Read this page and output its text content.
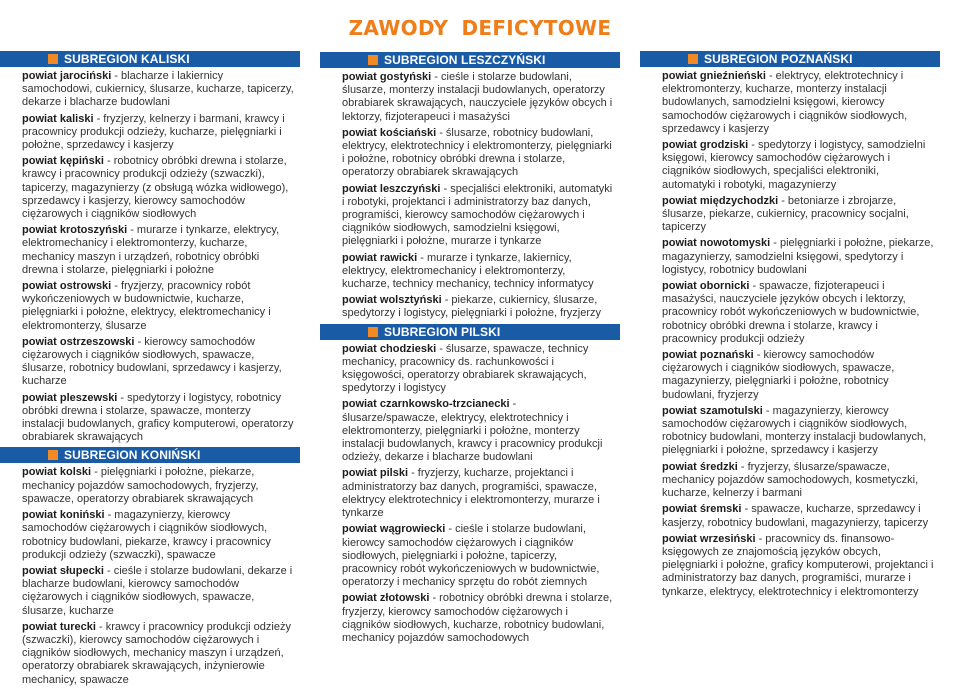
ZAWODY DEFICYTOWE
SUBREGION KALISKI
powiat jarociński - blacharze i lakiernicy samochodowi, cukiernicy, ślusarze, kucharze, tapicerzy, dekarze i blacharze budowlani
powiat kaliski - fryzjerzy, kelnerzy i barmani, krawcy i pracownicy produkcji odzieży, kucharze, pielęgniarki i położne, sprzedawcy i kasjerzy
powiat kępiński - robotnicy obróbki drewna i stolarze, krawcy i pracownicy produkcji odzieży (szwaczki), tapicerzy, magazynierzy (z obsługą wózka widłowego), sprzedawcy i kasjerzy, kierowcy samochodów ciężarowych i ciągników siodłowych
powiat krotoszyński - murarze i tynkarze, elektrycy, elektromechanicy i elektromonterzy, kucharze, mechanicy maszyn i urządzeń, robotnicy obróbki drewna i stolarze, pielęgniarki i położne
powiat ostrowski - fryzjerzy, pracownicy robót wykończeniowych w budownictwie, kucharze, pielęgniarki i położne, elektrycy, elektromechanicy i elektromonterzy, ślusarze
powiat ostrzeszowski - kierowcy samochodów ciężarowych i ciągników siodłowych, spawacze, ślusarze, robotnicy budowlani, sprzedawcy i kasjerzy, kucharze
powiat pleszewski - spedytorzy i logistycy, robotnicy obróbki drewna i stolarze, spawacze, monterzy instalacji budowlanych, graficy komputerowi, operatorzy obrabiarek skrawających
SUBREGION KONIŃSKI
powiat kolski - pielęgniarki i położne, piekarze, mechanicy pojazdów samochodowych, fryzjerzy, spawacze, operatorzy obrabiarek skrawających
powiat koniński - magazynierzy, kierowcy samochodów ciężarowych i ciągników siodłowych, robotnicy budowlani, piekarze, krawcy i pracownicy produkcji odzieży (szwaczki), spawacze
powiat słupecki - cieśle i stolarze budowlani, dekarze i blacharze budowlani, kierowcy samochodów ciężarowych i ciągników siodłowych, spawacze, ślusarze, kucharze
powiat turecki - krawcy i pracownicy produkcji odzieży (szwaczki), kierowcy samochodów ciężarowych i ciągników siodłowych, mechanicy maszyn i urządzeń, operatorzy obrabiarek skrawających, inżynierowie mechanicy, spawacze
SUBREGION LESZCZYŃSKI
powiat gostyński - cieśle i stolarze budowlani, ślusarze, monterzy instalacji budowlanych, operatorzy obrabiarek skrawających, nauczyciele języków obcych i lektorzy, fizjoterapeuci i masażyści
powiat kościański - ślusarze, robotnicy budowlani, elektrycy, elektrotechnicy i elektromonterzy, pielęgniarki i położne, robotnicy obróbki drewna i stolarze, operatorzy obrabiarek skrawających
powiat leszczyński - specjaliści elektroniki, automatyki i robotyki, projektanci i administratorzy baz danych, programiści, kierowcy samochodów ciężarowych i ciągników siodłowych, samodzielni księgowi, pielęgniarki i położne, murarze i tynkarze
powiat rawicki - murarze i tynkarze, lakiernicy, elektrycy, elektromechanicy i elektromonterzy, kucharze, technicy mechanicy, technicy informatycy
powiat wolsztyński - piekarze, cukiernicy, ślusarze, spedytorzy i logistycy, pielęgniarki i położne, fryzjerzy
SUBREGION PILSKI
powiat chodzieski - ślusarze, spawacze, technicy mechanicy, pracownicy ds. rachunkowości i księgowości, operatorzy obrabiarek skrawających, spedytorzy i logistycy
powiat czarnkowsko-trzcianecki - ślusarze/spawacze, elektrycy, elektrotechnicy i elektromonterzy, pielęgniarki i położne, monterzy instalacji budowlanych, krawcy i pracownicy produkcji odzieży, dekarze i blacharze budowlani
powiat pilski - fryzjerzy, kucharze, projektanci i administratorzy baz danych, programiści, spawacze, elektrycy elektrotechnicy i elektromonterzy, murarze i tynkarze
powiat wągrowiecki - cieśle i stolarze budowlani, kierowcy samochodów ciężarowych i ciągników siodłowych, pielęgniarki i położne, tapicerzy, pracownicy robót wykończeniowych w budownictwie, operatorzy i mechanicy sprzętu do robót ziemnych
powiat złotowski - robotnicy obróbki drewna i stolarze, fryzjerzy, kierowcy samochodów ciężarowych i ciągników siodłowych, kucharze, robotnicy budowlani, mechanicy pojazdów samochodowych
SUBREGION POZNAŃSKI
powiat gnieźnieński - elektrycy, elektrotechnicy i elektromonterzy, kucharze, monterzy instalacji budowlanych, samodzielni księgowi, kierowcy samochodów ciężarowych i ciągników siodłowych, sprzedawcy i kasjerzy
powiat grodziski - spedytorzy i logistycy, samodzielni księgowi, kierowcy samochodów ciężarowych i ciągników siodłowych, specjaliści elektroniki, automatyki i robotyki, magazynierzy
powiat międzychodzki - betoniarze i zbrojarze, ślusarze, piekarze, cukiernicy, pracownicy socjalni, tapicerzy
powiat nowotomyski - pielęgniarki i położne, piekarze, magazynierzy, samodzielni księgowi, spedytorzy i logistycy, robotnicy budowlani
powiat obornicki - spawacze, fizjoterapeuci i masażyści, nauczyciele języków obcych i lektorzy, pracownicy robót wykończeniowych w budownictwie, robotnicy obróbki drewna i stolarze, krawcy i pracownicy produkcji odzieży
powiat poznański - kierowcy samochodów ciężarowych i ciągników siodłowych, spawacze, magazynierzy, pielęgniarki i położne, robotnicy budowlani, fryzjerzy
powiat szamotulski - magazynierzy, kierowcy samochodów ciężarowych i ciągników siodłowych, robotnicy budowlani, monterzy instalacji budowlanych, pielęgniarki i położne, sprzedawcy i kasjerzy
powiat średzki - fryzjerzy, ślusarze/spawacze, mechanicy pojazdów samochodowych, kosmetyczki, kucharze, kelnerzy i barmani
powiat śremski - spawacze, kucharze, sprzedawcy i kasjerzy, robotnicy budowlani, magazynierzy, tapicerzy
powiat wrzesiński - pracownicy ds. finansowo-księgowych ze znajomością języków obcych, pielęgniarki i położne, graficy komputerowi, projektanci i administratorzy baz danych, programiści, murarze i tynkarze, elektrycy, elektrotechnicy i elektromonterzy
